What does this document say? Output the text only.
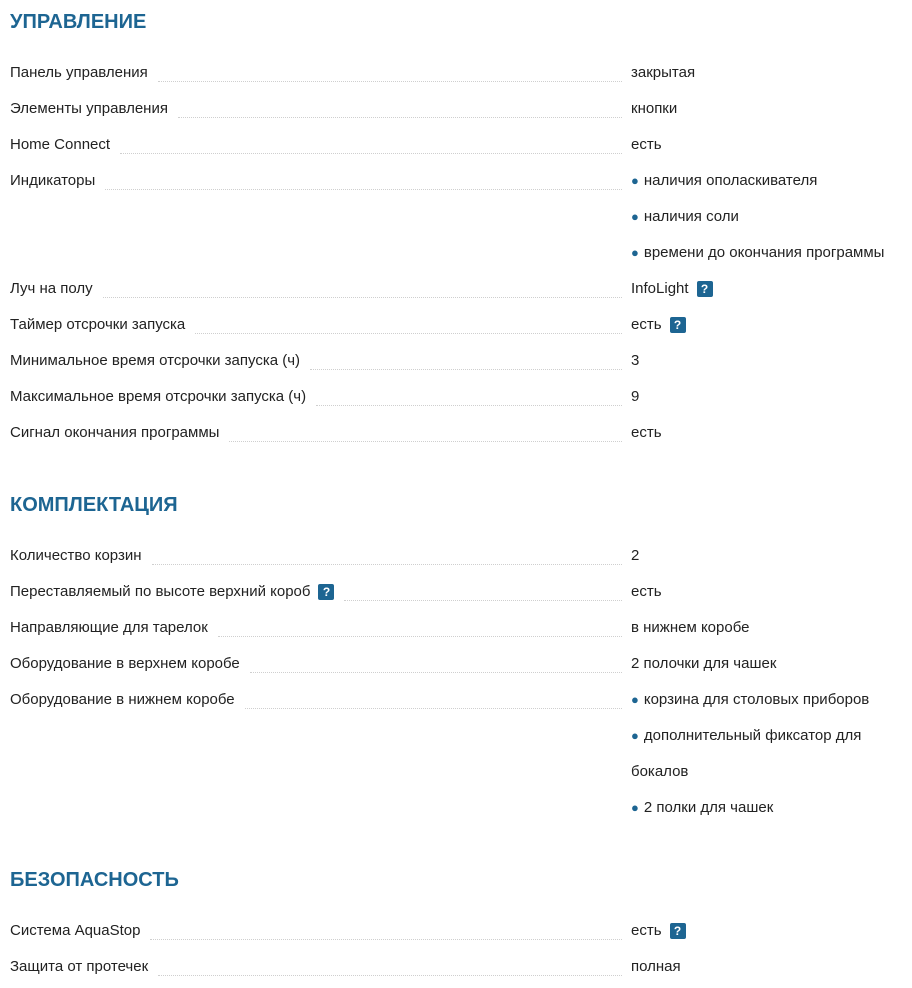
УПРАВЛЕНИЕ
Панель управления	закрытая
Элементы управления	кнопки
Home Connect	есть
Индикаторы	● наличия ополаскивателя
● наличия соли
● времени до окончания программы
Луч на полу	InfoLight	?
Таймер отсрочки запуска	есть	?
Минимальное время отсрочки запуска (ч)	3
Максимальное время отсрочки запуска (ч)	9
Сигнал окончания программы	есть
КОМПЛЕКТАЦИЯ
Количество корзин	2
Переставляемый по высоте верхний короб	?	есть
Направляющие для тарелок	в нижнем коробе
Оборудование в верхнем коробе	2 полочки для чашек
Оборудование в нижнем коробе	● корзина для столовых приборов
● дополнительный фиксатор для
бокалов
● 2 полки для чашек
БЕЗОПАСНОСТЬ
Система AquaStop	есть	?
Защита от протечек	полная
